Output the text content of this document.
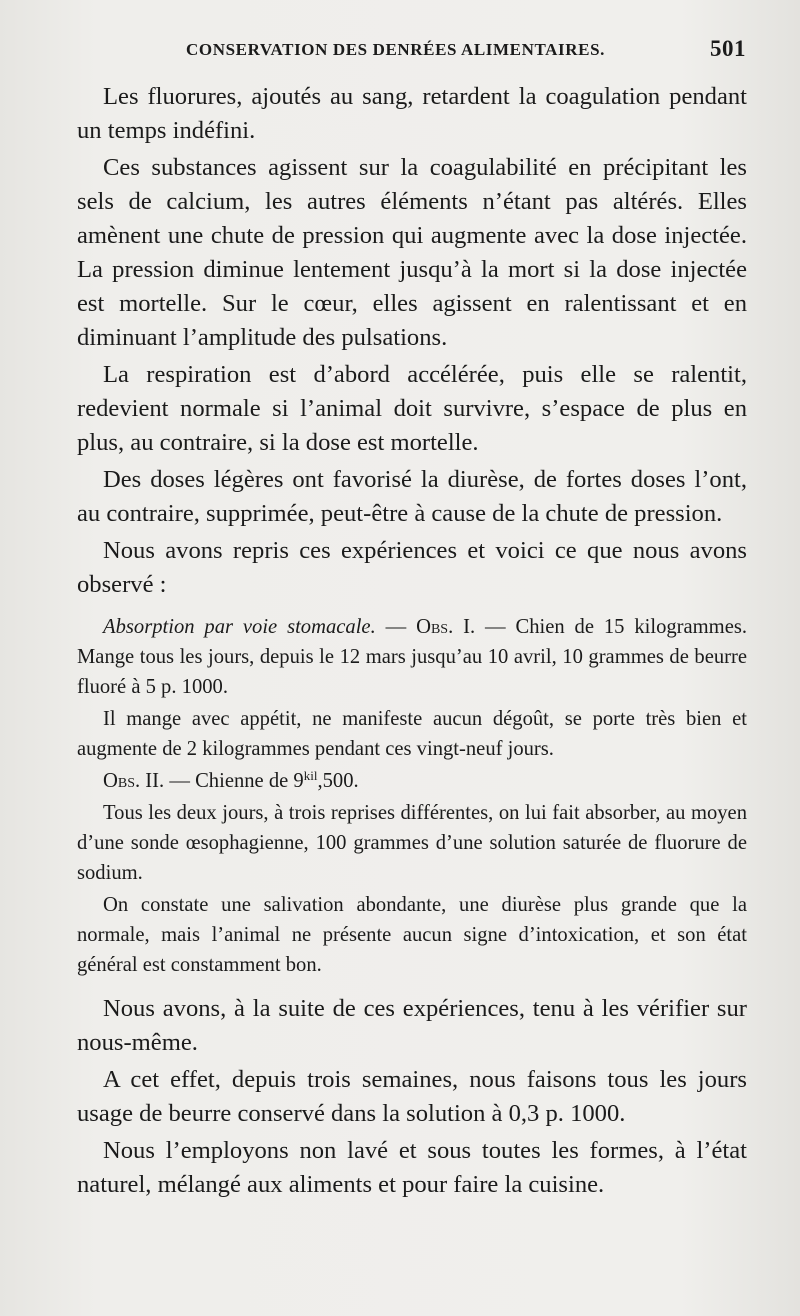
CONSERVATION DES DENRÉES ALIMENTAIRES.	501

Les fluorures, ajoutés au sang, retardent la coagulation pendant un temps indéfini.

Ces substances agissent sur la coagulabilité en précipitant les sels de calcium, les autres éléments n’étant pas altérés. Elles amènent une chute de pression qui augmente avec la dose injectée. La pression diminue lentement jusqu’à la mort si la dose injectée est mortelle. Sur le cœur, elles agissent en ralentissant et en diminuant l’amplitude des pulsations.

La respiration est d’abord accélérée, puis elle se ralentit, redevient normale si l’animal doit survivre, s’espace de plus en plus, au contraire, si la dose est mortelle.

Des doses légères ont favorisé la diurèse, de fortes doses l’ont, au contraire, supprimée, peut-être à cause de la chute de pression.

Nous avons repris ces expériences et voici ce que nous avons observé :

Absorption par voie stomacale. — Obs. I. — Chien de 15 kilogrammes. Mange tous les jours, depuis le 12 mars jusqu’au 10 avril, 10 grammes de beurre fluoré à 5 p. 1000.

Il mange avec appétit, ne manifeste aucun dégoût, se porte très bien et augmente de 2 kilogrammes pendant ces vingt-neuf jours.

Obs. II. — Chienne de $9^{kil},500$.

Tous les deux jours, à trois reprises différentes, on lui fait absorber, au moyen d’une sonde œsophagienne, 100 grammes d’une solution saturée de fluorure de sodium.

On constate une salivation abondante, une diurèse plus grande que la normale, mais l’animal ne présente aucun signe d’intoxication, et son état général est constamment bon.

Nous avons, à la suite de ces expériences, tenu à les vérifier sur nous-même.

A cet effet, depuis trois semaines, nous faisons tous les jours usage de beurre conservé dans la solution à 0,3 p. 1000.

Nous l’employons non lavé et sous toutes les formes, à l’état naturel, mélangé aux aliments et pour faire la cuisine.
